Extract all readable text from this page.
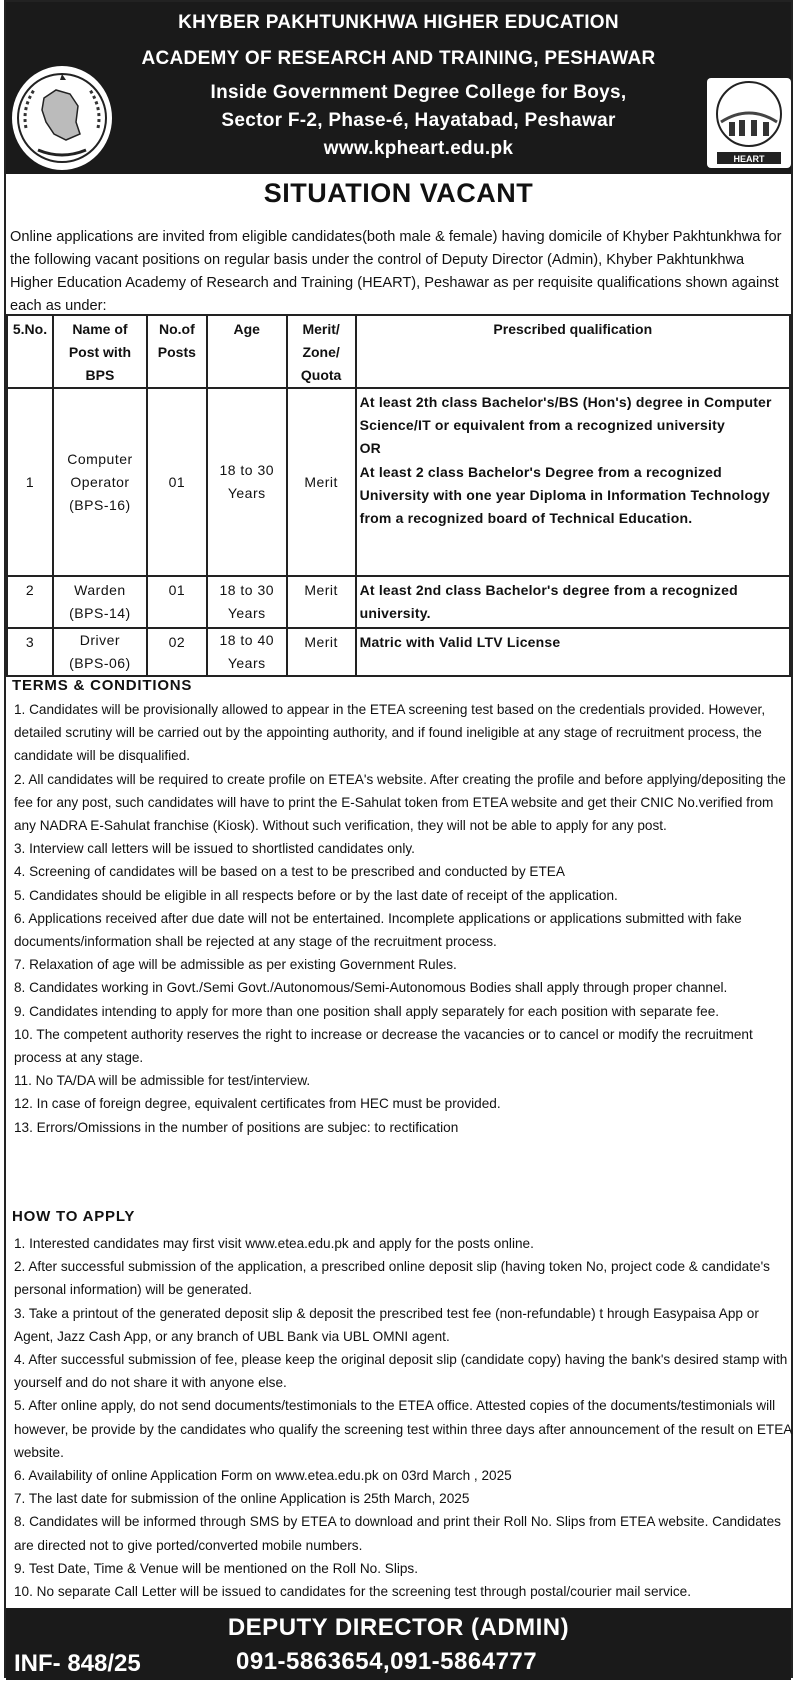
KHYBER PAKHTUNKHWA HIGHER EDUCATION
ACADEMY OF RESEARCH AND TRAINING, PESHAWAR
Inside Government Degree College for Boys,
Sector F-2, Phase-é, Hayatabad, Peshawar
www.kpheart.edu.pk	HEART
SITUATION VACANT

Online applications are invited from eligible candidates(both male & female) having domicile of Khyber Pakhtunkhwa for the following vacant positions on regular basis under the control of Deputy Director (Admin), Khyber Pakhtunkhwa Higher Education Academy of Research and Training (HEART), Peshawar as per requisite qualifications shown against each as under:

5.No.	Name of Post with BPS	No.of Posts	Age	Merit/ Zone/ Quota	Prescribed qualification
1	Computer Operator (BPS-16)	01	18 to 30 Years	Merit	At least 2th class Bachelor's/BS (Hon's) degree in Computer Science/IT or equivalent from a recognized university
OR
At least 2 class Bachelor's Degree from a recognized University with one year Diploma in Information Technology from a recognized board of Technical Education.
2	Warden (BPS-14)	01	18 to 30 Years	Merit	At least 2nd class Bachelor's degree from a recognized university.
3	Driver (BPS-06)	02	18 to 40 Years	Merit	Matric with Valid LTV License
TERMS & CONDITIONS
1. Candidates will be provisionally allowed to appear in the ETEA screening test based on the credentials provided. However, detailed scrutiny will be carried out by the appointing authority, and if found ineligible at any stage of recruitment process, the candidate will be disqualified.
2. All candidates will be required to create profile on ETEA's website. After creating the profile and before applying/depositing the fee for any post, such candidates will have to print the E-Sahulat token from ETEA website and get their CNIC No.verified from any NADRA E-Sahulat franchise (Kiosk). Without such verification, they will not be able to apply for any post.
3. Interview call letters will be issued to shortlisted candidates only.
4. Screening of candidates will be based on a test to be prescribed and conducted by ETEA
5. Candidates should be eligible in all respects before or by the last date of receipt of the application.
6. Applications received after due date will not be entertained. Incomplete applications or applications submitted with fake documents/information shall be rejected at any stage of the recruitment process.
7. Relaxation of age will be admissible as per existing Government Rules.
8. Candidates working in Govt./Semi Govt./Autonomous/Semi-Autonomous Bodies shall apply through proper channel.
9. Candidates intending to apply for more than one position shall apply separately for each position with separate fee.
10. The competent authority reserves the right to increase or decrease the vacancies or to cancel or modify the recruitment process at any stage.
11. No TA/DA will be admissible for test/interview.
12. In case of foreign degree, equivalent certificates from HEC must be provided.
13. Errors/Omissions in the number of positions are subjec: to rectification
HOW TO APPLY
1. Interested candidates may first visit www.etea.edu.pk and apply for the posts online.
2. After successful submission of the application, a prescribed online deposit slip (having token No, project code & candidate's personal information) will be generated.
3. Take a printout of the generated deposit slip & deposit the prescribed test fee (non-refundable) t hrough Easypaisa App or Agent, Jazz Cash App, or any branch of UBL Bank via UBL OMNI agent.
4. After successful submission of fee, please keep the original deposit slip (candidate copy) having the bank's desired stamp with yourself and do not share it with anyone else.
5. After online apply, do not send documents/testimonials to the ETEA office. Attested copies of the documents/testimonials will however, be provide by the candidates who qualify the screening test within three days after announcement of the result on ETEA website.
6. Availability of online Application Form on www.etea.edu.pk on 03rd March , 2025
7. The last date for submission of the online Application is 25th March, 2025
8. Candidates will be informed through SMS by ETEA to download and print their Roll No. Slips from ETEA website. Candidates are directed not to give ported/converted mobile numbers.
9. Test Date, Time & Venue will be mentioned on the Roll No. Slips.
10. No separate Call Letter will be issued to candidates for the screening test through postal/courier mail service.
DEPUTY DIRECTOR (ADMIN)
INF- 848/25	091-5863654,091-5864777
